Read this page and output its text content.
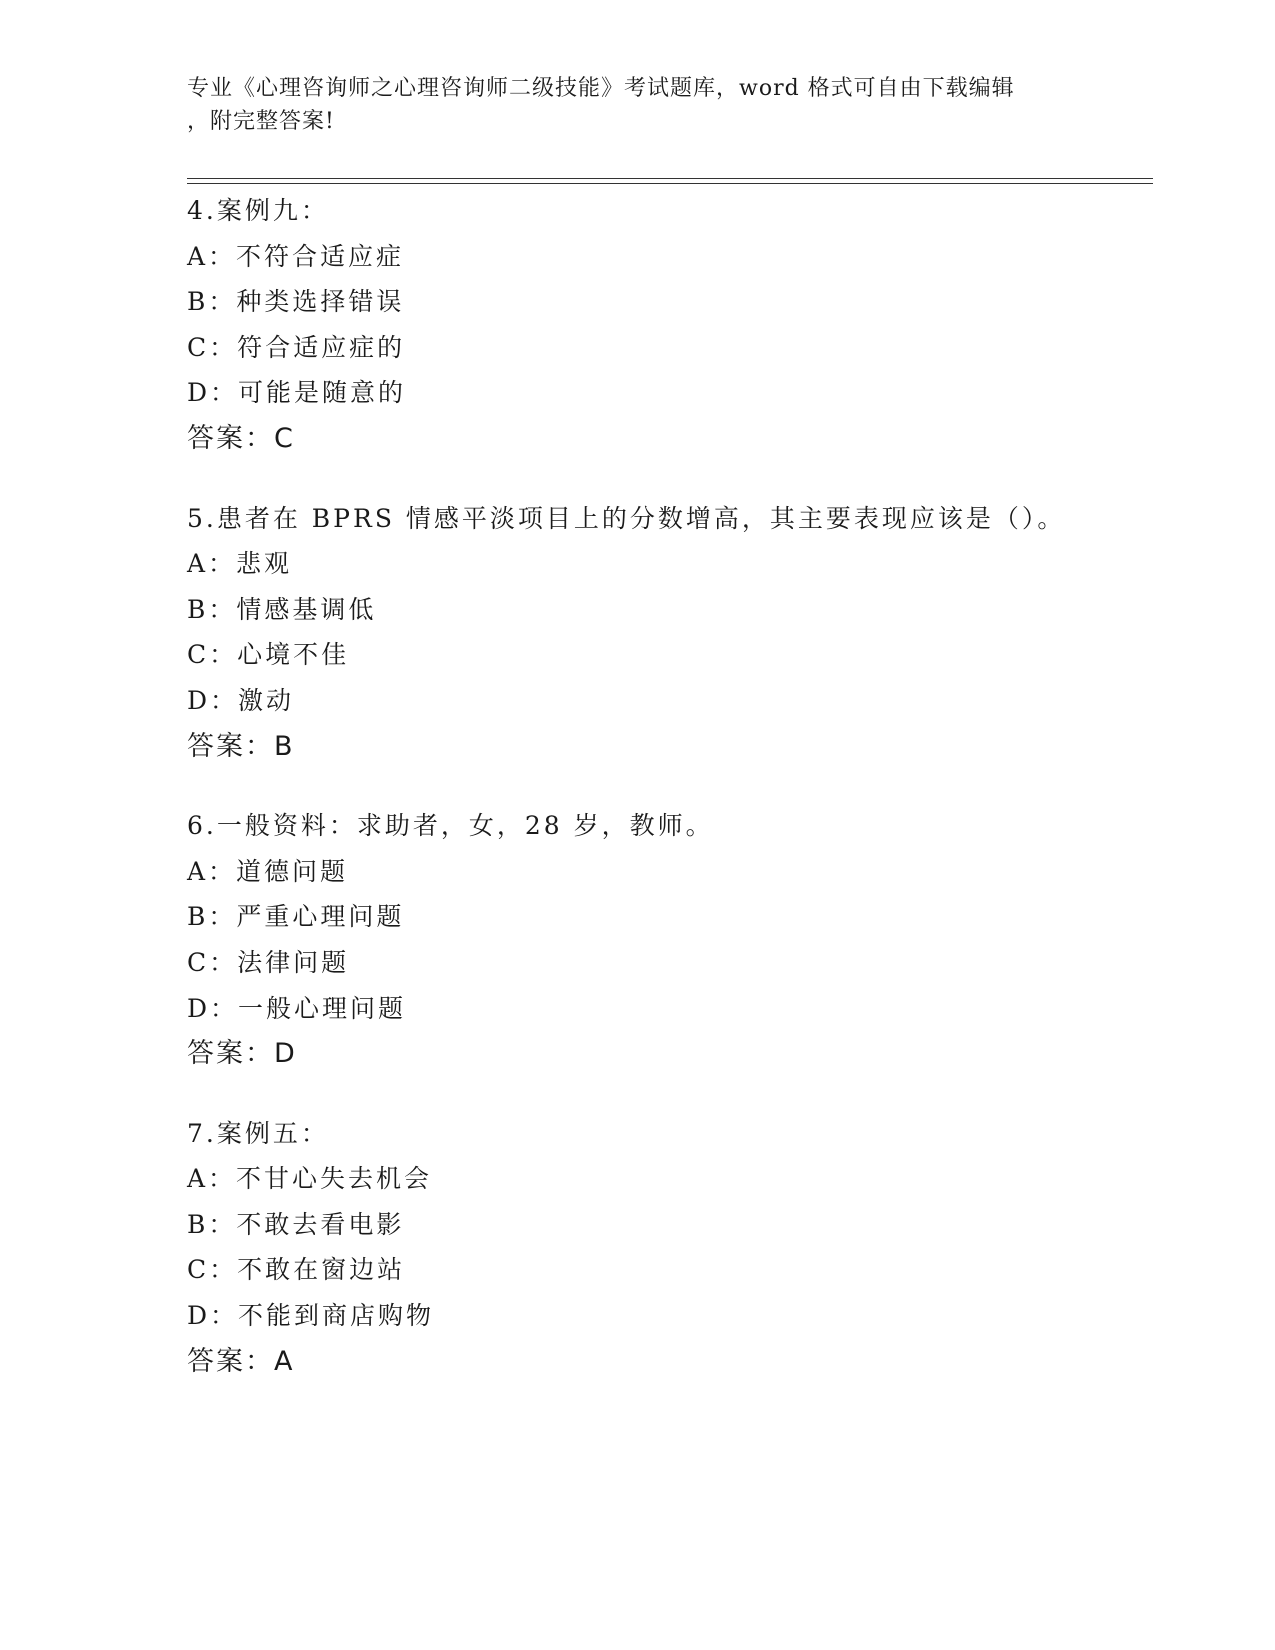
专业《心理咨询师之心理咨询师二级技能》考试题库，word 格式可自由下载编辑
，附完整答案!
4.案例九：
A：不符合适应症
B：种类选择错误
C：符合适应症的
D：可能是随意的
答案：C
5.患者在 BPRS 情感平淡项目上的分数增高，其主要表现应该是（）。
A：悲观
B：情感基调低
C：心境不佳
D：激动
答案：B
6.一般资料：求助者，女，28 岁，教师。
A：道德问题
B：严重心理问题
C：法律问题
D：一般心理问题
答案：D
7.案例五：
A：不甘心失去机会
B：不敢去看电影
C：不敢在窗边站
D：不能到商店购物
答案：A
